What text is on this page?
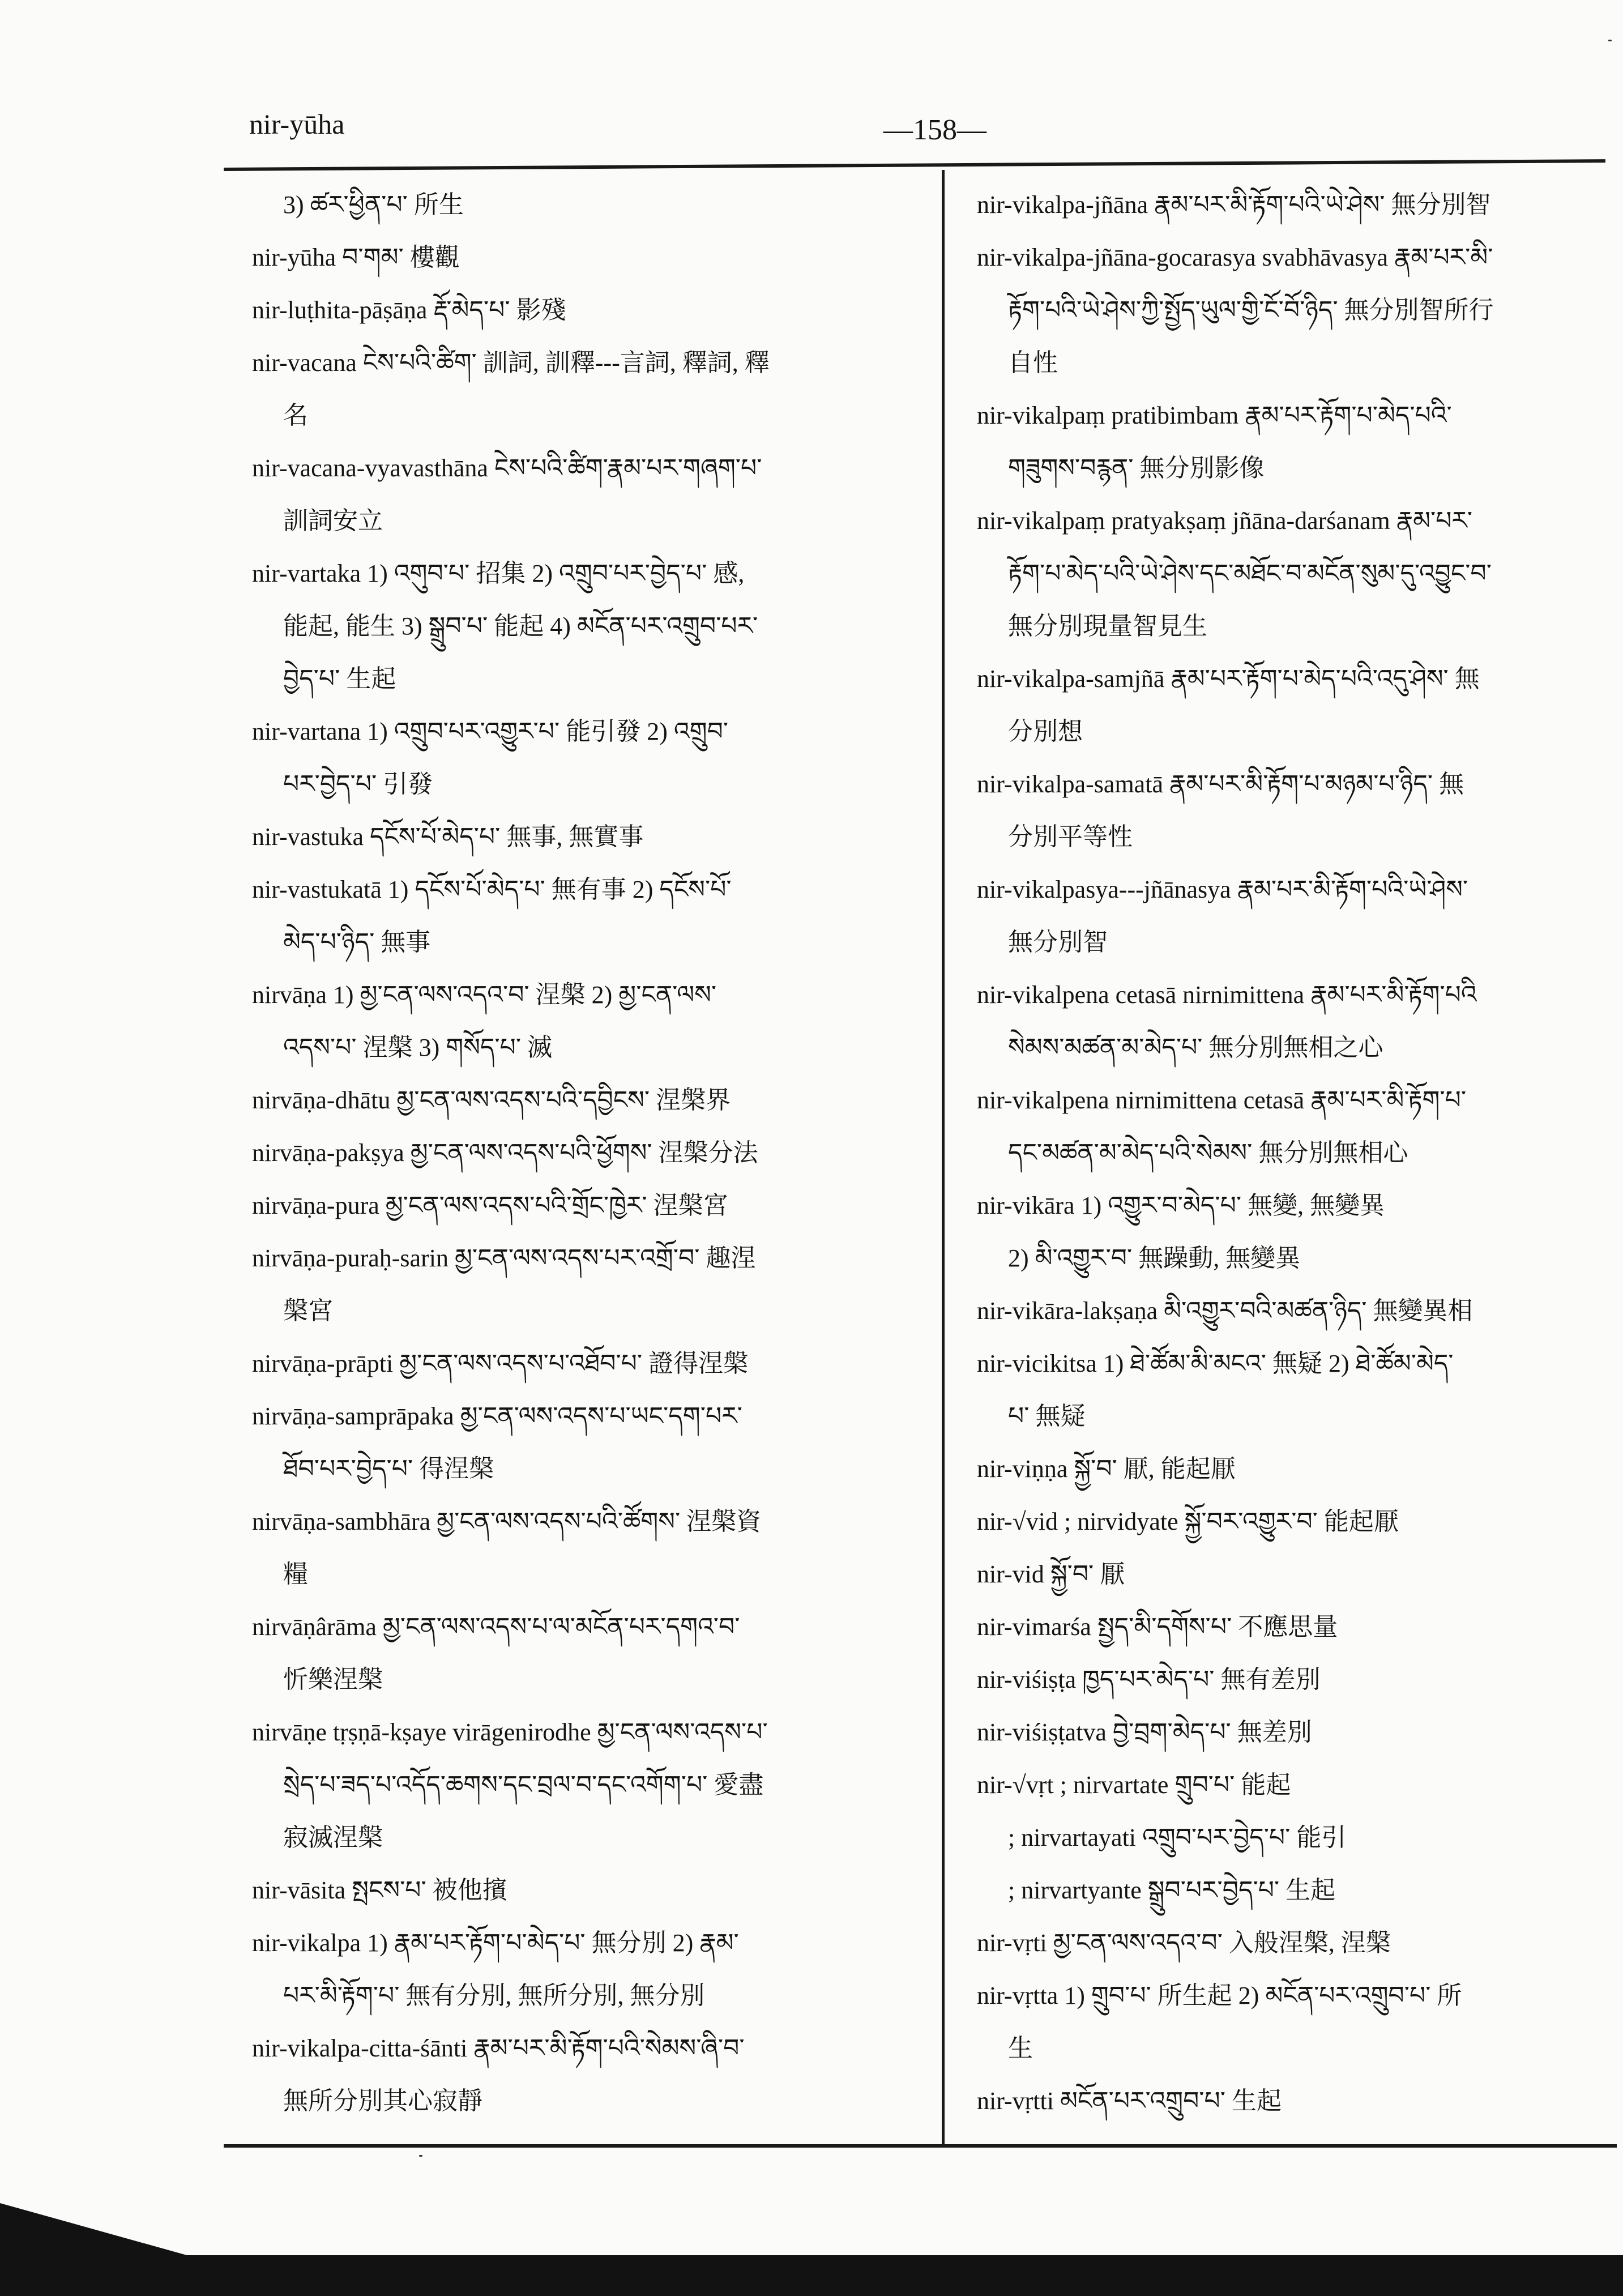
nir-yūha	—158—
3) ཚར་ཕྱིན་པ་ 所生
nir-yūha བ་གམ་ 樓觀
nir-luṭhita-pāṣāṇa རྡོ་མེད་པ་ 影殘
nir-vacana ངེས་པའི་ཚིག་ 訓詞, 訓釋---言詞, 釋詞, 釋
名
nir-vacana-vyavasthāna ངེས་པའི་ཚིག་རྣམ་པར་གཞག་པ་
訓詞安立
nir-vartaka 1) འགུབ་པ་ 招集 2) འགྲུབ་པར་བྱེད་པ་ 感,
能起, 能生 3) སྒྲུབ་པ་ 能起 4) མངོན་པར་འགྲུབ་པར་
བྱེད་པ་ 生起
nir-vartana 1) འགྲུབ་པར་འགྱུར་པ་ 能引發 2) འགྲུབ་
པར་བྱེད་པ་ 引發
nir-vastuka དངོས་པོ་མེད་པ་ 無事, 無實事
nir-vastukatā 1) དངོས་པོ་མེད་པ་ 無有事 2) དངོས་པོ་
མེད་པ་ཉིད་ 無事
nirvāṇa 1) མྱ་ངན་ལས་འདའ་བ་ 涅槃 2) མྱ་ངན་ལས་
འདས་པ་ 涅槃 3) གསོད་པ་ 滅
nirvāṇa-dhātu མྱ་ངན་ལས་འདས་པའི་དབྱིངས་ 涅槃界
nirvāṇa-pakṣya མྱ་ངན་ལས་འདས་པའི་ཕྱོགས་ 涅槃分法
nirvāṇa-pura མྱ་ངན་ལས་འདས་པའི་གྲོང་ཁྱེར་ 涅槃宮
nirvāṇa-puraḥ-sarin མྱ་ངན་ལས་འདས་པར་འགྲོ་བ་ 趣涅
槃宮
nirvāṇa-prāpti མྱ་ངན་ལས་འདས་པ་འཐོབ་པ་ 證得涅槃
nirvāṇa-samprāpaka མྱ་ངན་ལས་འདས་པ་ཡང་དག་པར་
ཐོབ་པར་བྱེད་པ་ 得涅槃
nirvāṇa-sambhāra མྱ་ངན་ལས་འདས་པའི་ཚོགས་ 涅槃資
糧
nirvāṇârāma མྱ་ངན་ལས་འདས་པ་ལ་མངོན་པར་དགའ་བ་
忻樂涅槃
nirvāṇe tṛṣṇā-kṣaye virāgenirodhe མྱ་ངན་ལས་འདས་པ་
སྲེད་པ་ཟད་པ་འདོད་ཆགས་དང་བྲལ་བ་དང་འགོག་པ་ 愛盡
寂滅涅槃
nir-vāsita སྤངས་པ་ 被他擯
nir-vikalpa 1) རྣམ་པར་རྟོག་པ་མེད་པ་ 無分別 2) རྣམ་
པར་མི་རྟོག་པ་ 無有分別, 無所分別, 無分別
nir-vikalpa-citta-śānti རྣམ་པར་མི་རྟོག་པའི་སེམས་ཞི་བ་
無所分別其心寂靜
nir-vikalpa-jñāna རྣམ་པར་མི་རྟོག་པའི་ཡེ་ཤེས་ 無分別智
nir-vikalpa-jñāna-gocarasya svabhāvasya རྣམ་པར་མི་
རྟོག་པའི་ཡེ་ཤེས་ཀྱི་སྤྱོད་ཡུལ་གྱི་ངོ་བོ་ཉིད་ 無分別智所行
自性
nir-vikalpaṃ pratibimbam རྣམ་པར་རྟོག་པ་མེད་པའི་
གཟུགས་བརྙན་ 無分別影像
nir-vikalpaṃ pratyakṣaṃ jñāna-darśanam རྣམ་པར་
རྟོག་པ་མེད་པའི་ཡེ་ཤེས་དང་མཐོང་བ་མངོན་སུམ་དུ་འབྱུང་བ་
無分別現量智見生
nir-vikalpa-samjñā རྣམ་པར་རྟོག་པ་མེད་པའི་འདུ་ཤེས་ 無
分別想
nir-vikalpa-samatā རྣམ་པར་མི་རྟོག་པ་མཉམ་པ་ཉིད་ 無
分別平等性
nir-vikalpasya---jñānasya རྣམ་པར་མི་རྟོག་པའི་ཡེ་ཤེས་
無分別智
nir-vikalpena cetasā nirnimittena རྣམ་པར་མི་རྟོག་པའི
སེམས་མཚན་མ་མེད་པ་ 無分別無相之心
nir-vikalpena nirnimittena cetasā རྣམ་པར་མི་རྟོག་པ་
དང་མཚན་མ་མེད་པའི་སེམས་ 無分別無相心
nir-vikāra 1) འགྱུར་བ་མེད་པ་ 無變, 無變異
2) མི་འགྱུར་བ་ 無躁動, 無變異
nir-vikāra-lakṣaṇa མི་འགྱུར་བའི་མཚན་ཉིད་ 無變異相
nir-vicikitsa 1) ཐེ་ཚོམ་མི་མངའ་ 無疑 2) ཐེ་ཚོམ་མེད་
པ་ 無疑
nir-viṇṇa སྐྱོ་བ་ 厭, 能起厭
nir-√vid ; nirvidyate སྐྱོ་བར་འགྱུར་བ་ 能起厭
nir-vid སྐྱོ་བ་ 厭
nir-vimarśa སྤྱད་མི་དགོས་པ་ 不應思量
nir-viśiṣṭa ཁྱད་པར་མེད་པ་ 無有差別
nir-viśiṣṭatva བྱེ་བྲག་མེད་པ་ 無差別
nir-√vṛt ; nirvartate གྲུབ་པ་ 能起
; nirvartayati འགྲུབ་པར་བྱེད་པ་ 能引
; nirvartyante སྒྲུབ་པར་བྱེད་པ་ 生起
nir-vṛti མྱ་ངན་ལས་འདའ་བ་ 入般涅槃, 涅槃
nir-vṛtta 1) གྲུབ་པ་ 所生起 2) མངོན་པར་འགྲུབ་པ་ 所
生
nir-vṛtti མངོན་པར་འགྲུབ་པ་ 生起
